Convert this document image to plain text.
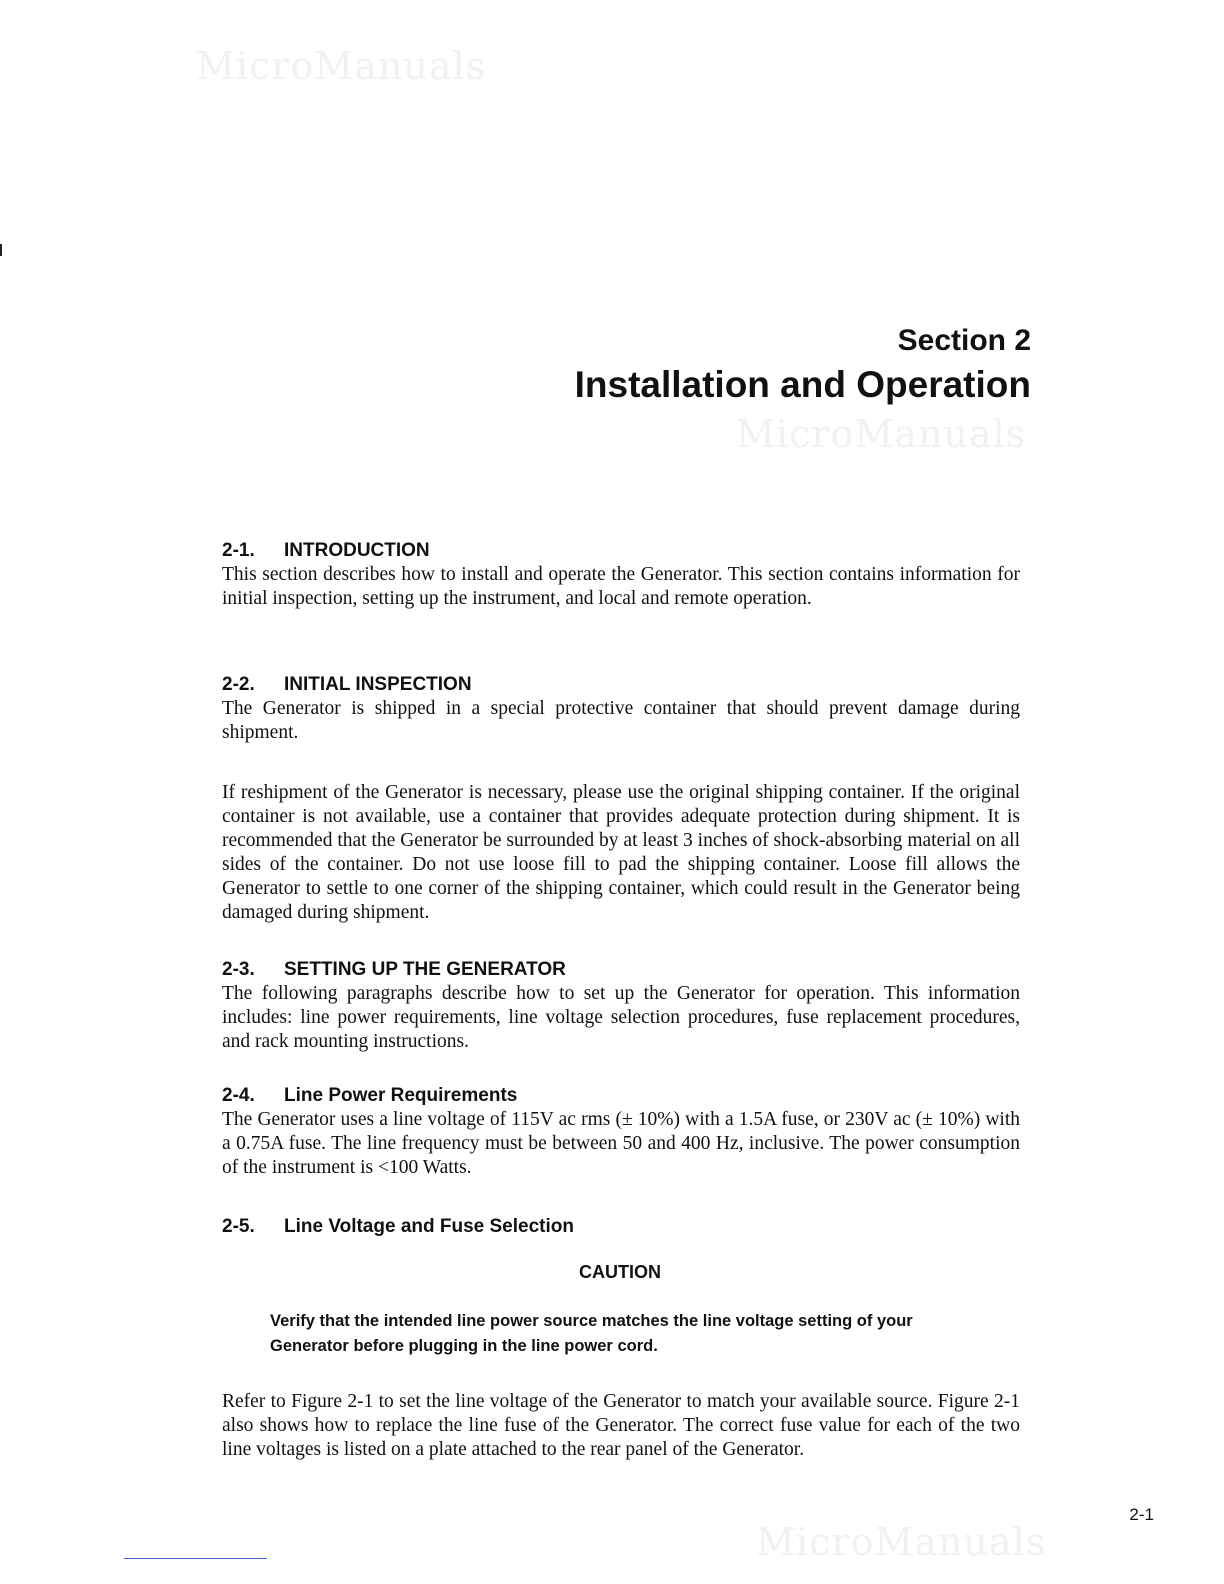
MicroManuals
MicroManuals
MicroManuals
Section 2
Installation and Operation
2-1. INTRODUCTION

This section describes how to install and operate the Generator. This section contains information for initial inspection, setting up the instrument, and local and remote operation.

2-2. INITIAL INSPECTION

The Generator is shipped in a special protective container that should prevent damage during shipment.

If reshipment of the Generator is necessary, please use the original shipping container. If the original container is not available, use a container that provides adequate protection during shipment. It is recommended that the Generator be surrounded by at least 3 inches of shock-absorbing material on all sides of the container. Do not use loose fill to pad the shipping container. Loose fill allows the Generator to settle to one corner of the shipping container, which could result in the Generator being damaged during shipment.

2-3. SETTING UP THE GENERATOR

The following paragraphs describe how to set up the Generator for operation. This information includes: line power requirements, line voltage selection procedures, fuse replacement procedures, and rack mounting instructions.

2-4. Line Power Requirements

The Generator uses a line voltage of 115V ac rms (± 10%) with a 1.5A fuse, or 230V ac (± 10%) with a 0.75A fuse. The line frequency must be between 50 and 400 Hz, inclusive. The power consumption of the instrument is <100 Watts.

2-5. Line Voltage and Fuse Selection
CAUTION

Verify that the intended line power source matches the line voltage setting of your Generator before plugging in the line power cord.

Refer to Figure 2-1 to set the line voltage of the Generator to match your available source. Figure 2-1 also shows how to replace the line fuse of the Generator. The correct fuse value for each of the two line voltages is listed on a plate attached to the rear panel of the Generator.

2-1
